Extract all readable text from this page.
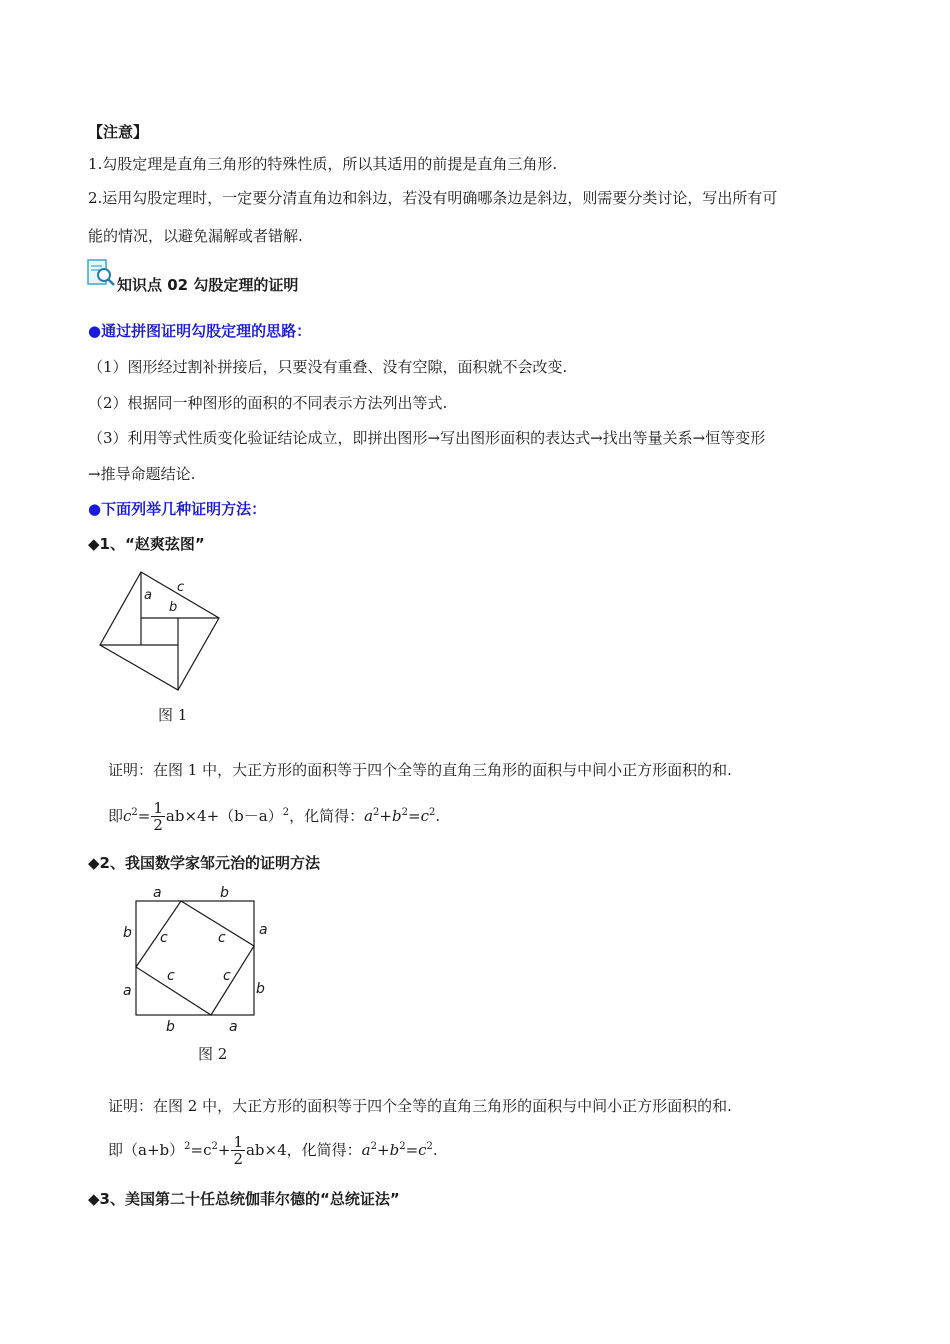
【注意】
1.勾股定理是直角三角形的特殊性质，所以其适用的前提是直角三角形.
2.运用勾股定理时，一定要分清直角边和斜边，若没有明确哪条边是斜边，则需要分类讨论，写出所有可
能的情况，以避免漏解或者错解.
知识点 02 勾股定理的证明
●通过拼图证明勾股定理的思路：
（1）图形经过割补拼接后，只要没有重叠、没有空隙，面积就不会改变.
（2）根据同一种图形的面积的不同表示方法列出等式.
（3）利用等式性质变化验证结论成立，即拼出图形→写出图形面积的表达式→找出等量关系→恒等变形
→推导命题结论.
●下面列举几种证明方法：
◆1、“赵爽弦图”
a
b
c
图 1
证明：在图 1 中，大正方形的面积等于四个全等的直角三角形的面积与中间小正方形面积的和.
即 $c^2 = \frac{1}{2} ab\times 4+(b-a)^2$ ，化简得： $a^2 + b^2 = c^2$ .
◆2、我国数学家邹元治的证明方法
a	b
b
a
a
b
b	a
c	c
c	c
图 2
证明：在图 2 中，大正方形的面积等于四个全等的直角三角形的面积与中间小正方形面积的和.
即$(a+b)^2 =c^2 + \frac{1}{2} ab\times 4$ ，化简得： $a^2 + b^2 = c^2$ .
◆3、美国第二十任总统伽菲尔德的“总统证法”
